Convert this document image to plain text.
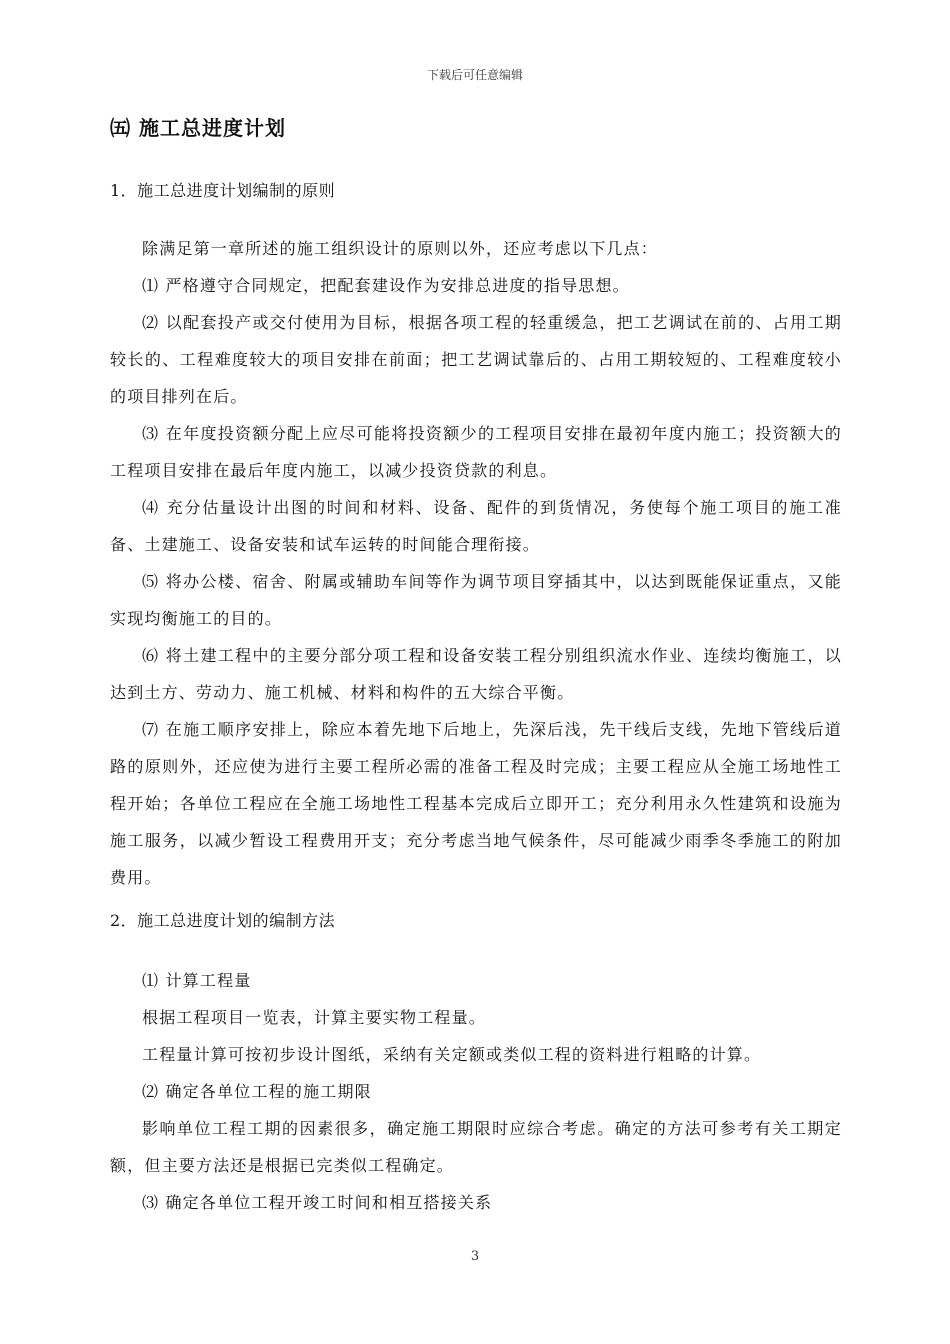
下载后可任意编辑
㈤ 施工总进度计划
1．施工总进度计划编制的原则

除满足第一章所述的施工组织设计的原则以外，还应考虑以下几点：

⑴ 严格遵守合同规定，把配套建设作为安排总进度的指导思想。

⑵ 以配套投产或交付使用为目标，根据各项工程的轻重缓急，把工艺调试在前的、占用工期较长的、工程难度较大的项目安排在前面；把工艺调试靠后的、占用工期较短的、工程难度较小的项目排列在后。

⑶ 在年度投资额分配上应尽可能将投资额少的工程项目安排在最初年度内施工；投资额大的工程项目安排在最后年度内施工，以减少投资贷款的利息。

⑷ 充分估量设计出图的时间和材料、设备、配件的到货情况，务使每个施工项目的施工准备、土建施工、设备安装和试车运转的时间能合理衔接。

⑸ 将办公楼、宿舍、附属或辅助车间等作为调节项目穿插其中，以达到既能保证重点，又能实现均衡施工的目的。

⑹ 将土建工程中的主要分部分项工程和设备安装工程分别组织流水作业、连续均衡施工，以达到土方、劳动力、施工机械、材料和构件的五大综合平衡。

⑺ 在施工顺序安排上，除应本着先地下后地上，先深后浅，先干线后支线，先地下管线后道路的原则外，还应使为进行主要工程所必需的准备工程及时完成；主要工程应从全施工场地性工程开始；各单位工程应在全施工场地性工程基本完成后立即开工；充分利用永久性建筑和设施为施工服务，以减少暂设工程费用开支；充分考虑当地气候条件，尽可能减少雨季冬季施工的附加费用。

2．施工总进度计划的编制方法

⑴ 计算工程量

根据工程项目一览表，计算主要实物工程量。

工程量计算可按初步设计图纸，采纳有关定额或类似工程的资料进行粗略的计算。

⑵ 确定各单位工程的施工期限

影响单位工程工期的因素很多，确定施工期限时应综合考虑。确定的方法可参考有关工期定额，但主要方法还是根据已完类似工程确定。

⑶ 确定各单位工程开竣工时间和相互搭接关系

3
